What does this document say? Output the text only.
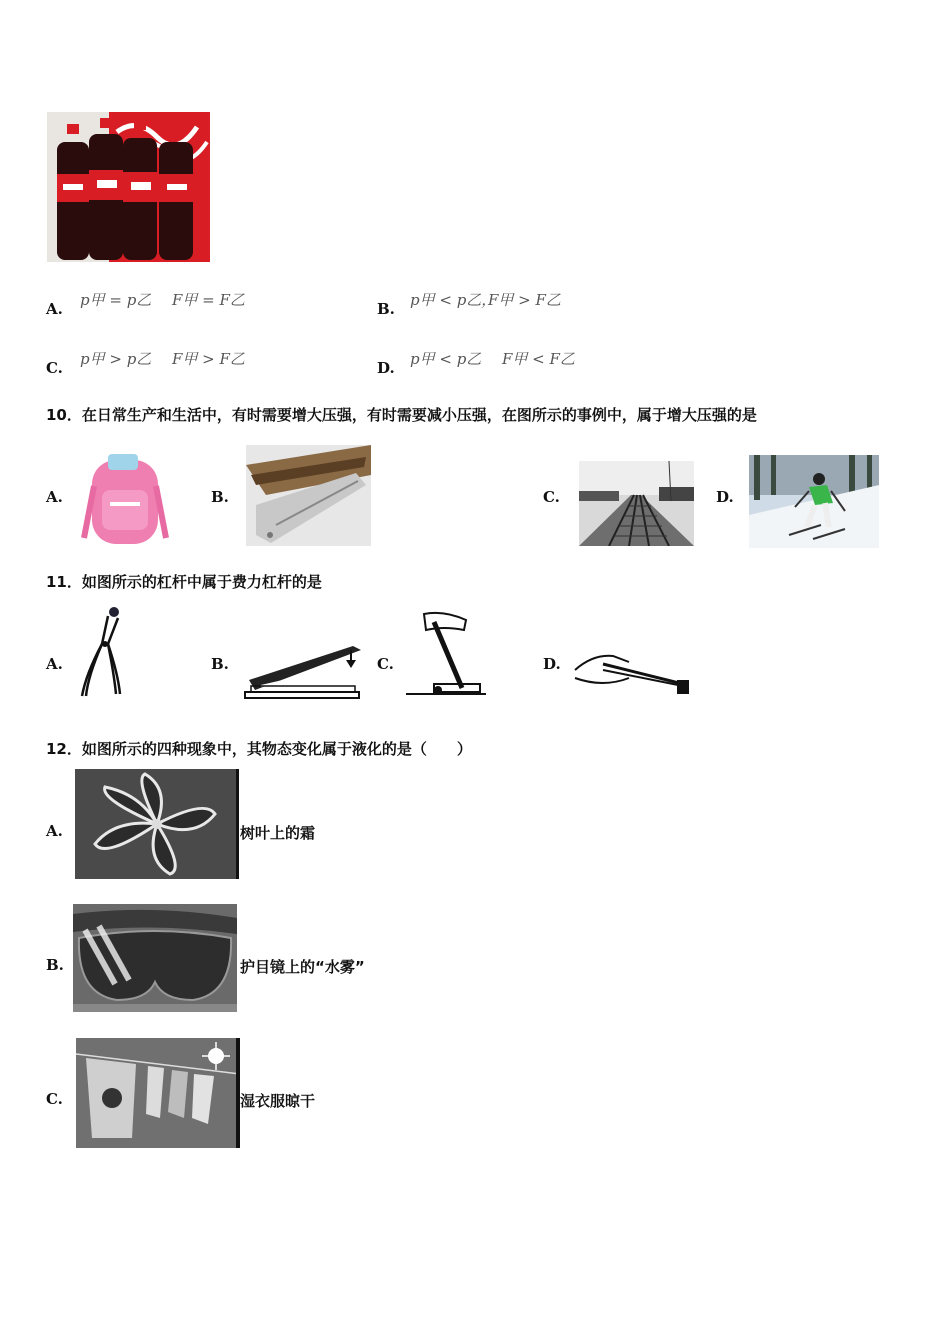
A. p甲 = p乙 F甲 = F乙	B. p甲 < p乙，
F甲 > F乙
C. p甲 > p乙 F甲 > F乙	D. p甲 < p乙 F甲 < F乙
10．在日常生产和生活中，有时需要增大压强，有时需要减小压强，在图所示的事例中，属于增大压强的是
A.	B.	C.	D.
11．如图所示的杠杆中属于费力杠杆的是
A.	B.	C.	D.
12．如图所示的四种现象中，其物态变化属于液化的是（　　）
A.	树叶上的霜
B.	护目镜上的“水雾”
C.	湿衣服晾干
